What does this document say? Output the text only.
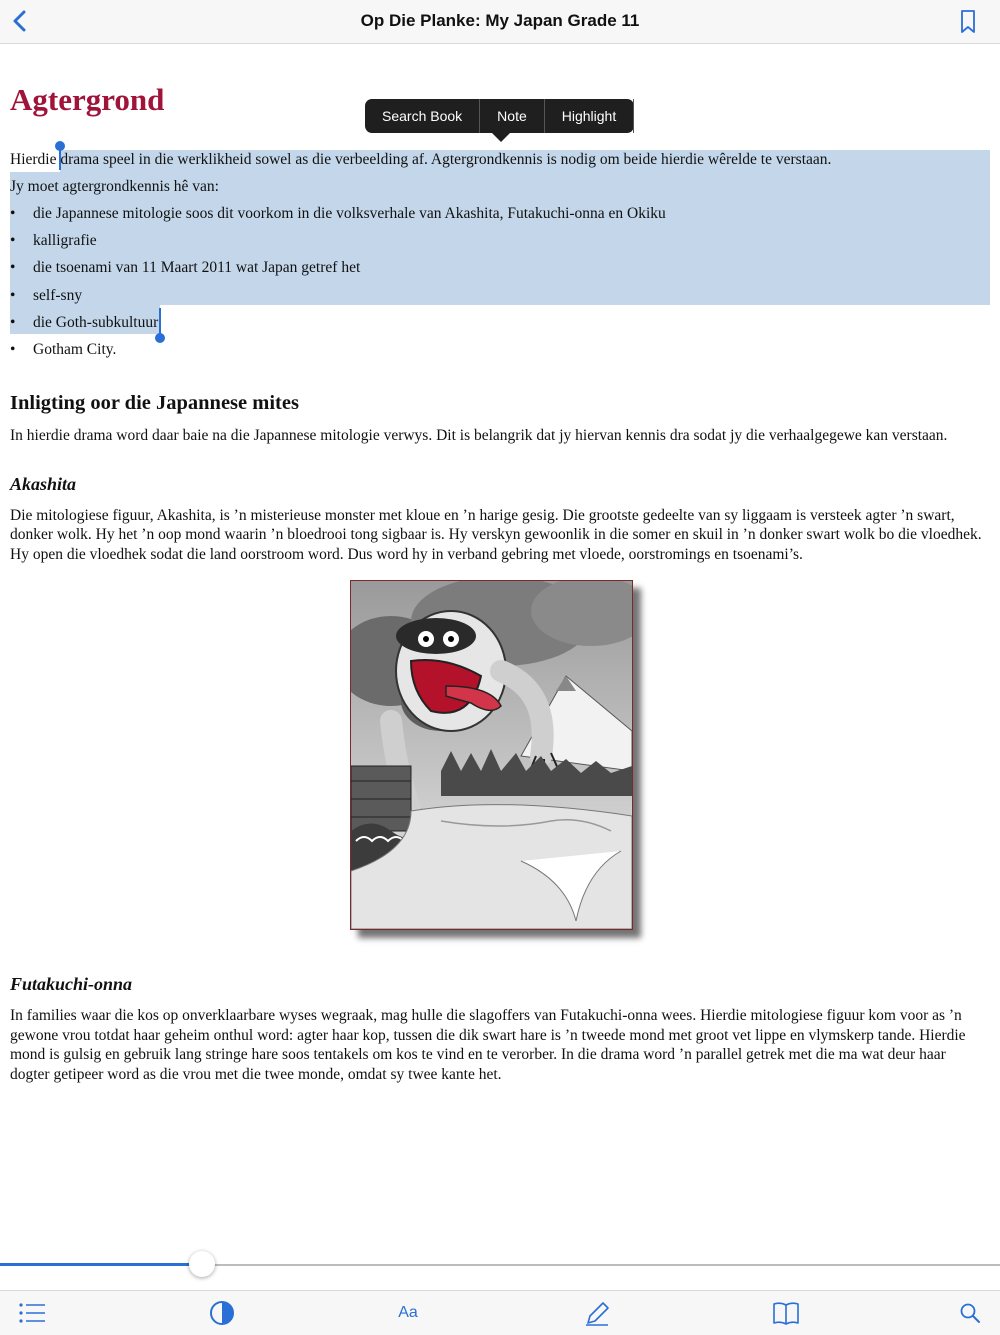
Op Die Planke: My Japan Grade 11
Agtergrond

Hierdie drama speel in die werklikheid sowel as die verbeelding af. Agtergrondkennis is nodig om beide hierdie wêrelde te verstaan.

Jy moet agtergrondkennis hê van:

• die Japannese mitologie soos dit voorkom in die volksverhale van Akashita, Futakuchi-onna en Okiku
• kalligrafie
• die tsoenami van 11 Maart 2011 wat Japan getref het
• self-sny
• die Goth-subkultuur
• Gotham City.
Search Book	Note	Highlight
Inligting oor die Japannese mites

In hierdie drama word daar baie na die Japannese mitologie verwys. Dit is belangrik dat jy hiervan kennis dra sodat jy die verhaalgegewe kan verstaan.

Akashita

Die mitologiese figuur, Akashita, is ’n misterieuse monster met kloue en ’n harige gesig. Die grootste gedeelte van sy liggaam is versteek agter ’n swart,

donker wolk. Hy het ’n oop mond waarin ’n bloedrooi tong sigbaar is. Hy verskyn gewoonlik in die somer en skuil in ’n donker swart wolk bo die vloedhek.

Hy open die vloedhek sodat die land oorstroom word. Dus word hy in verband gebring met vloede, oorstromings en tsoenami’s.

Futakuchi-onna

In families waar die kos op onverklaarbare wyses wegraak, mag hulle die slagoffers van Futakuchi-onna wees. Hierdie mitologiese figuur kom voor as ’n

gewone vrou totdat haar geheim onthul word: agter haar kop, tussen die dik swart hare is ’n tweede mond met groot vet lippe en vlymskerp tande. Hierdie

mond is gulsig en gebruik lang stringe hare soos tentakels om kos te vind en te verorber. In die drama word ’n parallel getrek met die ma wat deur haar

dogter getipeer word as die vrou met die twee monde, omdat sy twee kante het.

Aa
